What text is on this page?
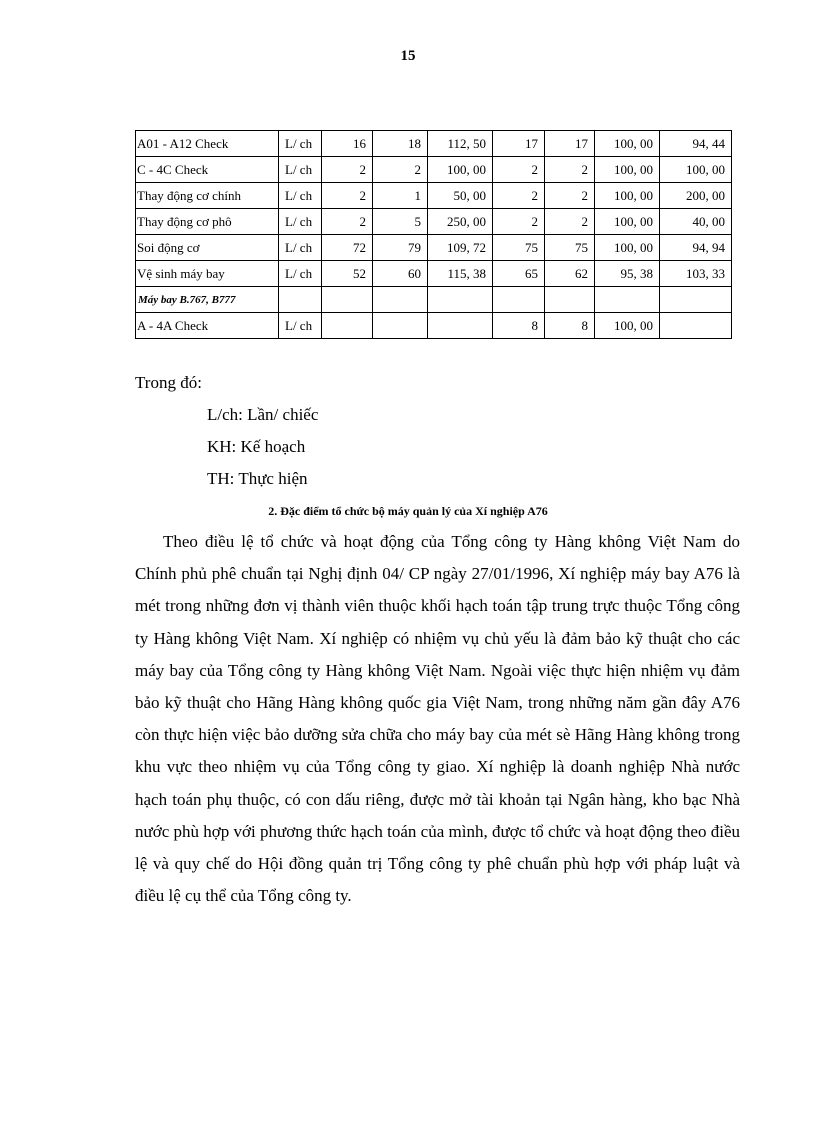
15
A01 - A12 Check	L/ ch	16	18	112, 50	17	17	100, 00	94, 44
C - 4C Check	L/ ch	2	2	100, 00	2	2	100, 00	100, 00
Thay động cơ chính	L/ ch	2	1	50, 00	2	2	100, 00	200, 00
Thay động cơ phô	L/ ch	2	5	250, 00	2	2	100, 00	40, 00
Soi động cơ	L/ ch	72	79	109, 72	75	75	100, 00	94, 94
Vệ sinh máy bay	L/ ch	52	60	115, 38	65	62	95, 38	103, 33
Máy bay B.767, B777								
A - 4A Check	L/ ch				8	8	100, 00	
Trong đó:
L/ch: Lần/ chiếc
KH: Kế hoạch
TH: Thực hiện
2. Đặc điểm tổ chức bộ máy quản lý của Xí nghiệp A76

Theo điều lệ tổ chức và hoạt động của Tổng công ty Hàng không Việt Nam do Chính phủ phê chuẩn tại Nghị định 04/ CP ngày 27/01/1996, Xí nghiệp máy bay A76 là mét trong những đơn vị thành viên thuộc khối hạch toán tập trung trực thuộc Tổng công ty Hàng không Việt Nam. Xí nghiệp có nhiệm vụ chủ yếu là đảm bảo kỹ thuật cho các máy bay của Tổng công ty Hàng không Việt Nam. Ngoài việc thực hiện nhiệm vụ đảm bảo kỹ thuật cho Hãng Hàng không quốc gia Việt Nam, trong những năm gần đây A76 còn thực hiện việc bảo dưỡng sửa chữa cho máy bay của mét sè Hãng Hàng không trong khu vực theo nhiệm vụ của Tổng công ty giao. Xí nghiệp là doanh nghiệp Nhà nước hạch toán phụ thuộc, có con dấu riêng, được mở tài khoản tại Ngân hàng, kho bạc Nhà nước phù hợp với phương thức hạch toán của mình, được tổ chức và hoạt động theo điều lệ và quy chế do Hội đồng quản trị Tổng công ty phê chuẩn phù hợp với pháp luật và điều lệ cụ thể của Tổng công ty.
